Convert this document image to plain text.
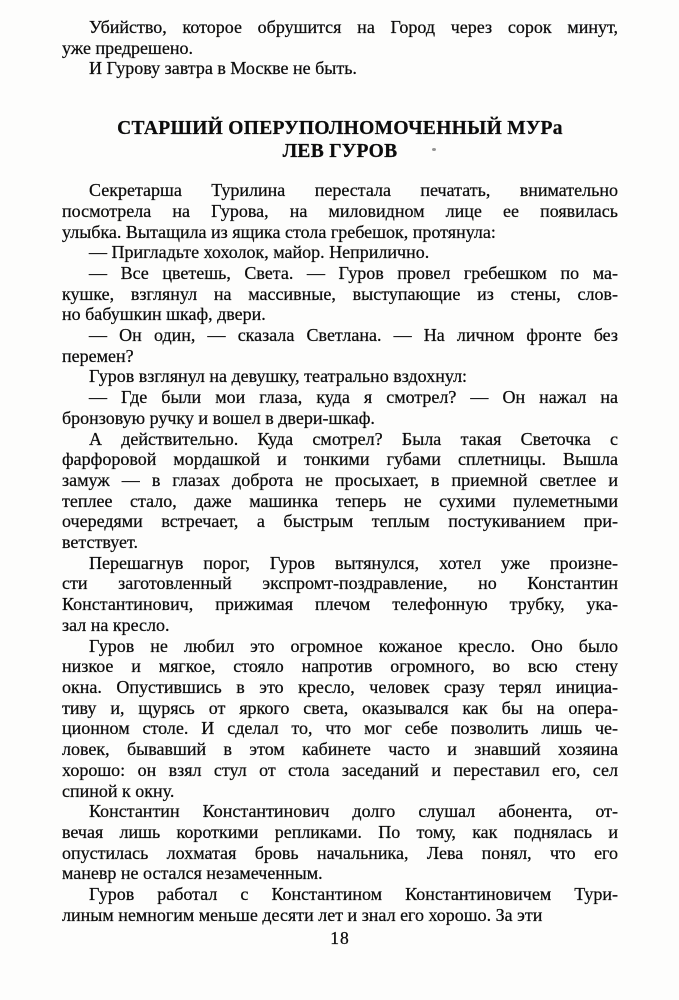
Убийство, которое обрушится на Город через сорок минут,
уже предрешено.
И Гурову завтра в Москве не быть.
СТАРШИЙ ОПЕРУПОЛНОМОЧЕННЫЙ МУРа
ЛЕВ ГУРОВ
Секретарша Турилина перестала печатать, внимательно
посмотрела на Гурова, на миловидном лице ее появилась
улыбка. Вытащила из ящика стола гребешок, протянула:
— Пригладьте хохолок, майор. Неприлично.
— Все цветешь, Света. — Гуров провел гребешком по ма-
кушке, взглянул на массивные, выступающие из стены, слов-
но бабушкин шкаф, двери.
— Он один, — сказала Светлана. — На личном фронте без
перемен?
Гуров взглянул на девушку, театрально вздохнул:
— Где были мои глаза, куда я смотрел? — Он нажал на
бронзовую ручку и вошел в двери-шкаф.
А действительно. Куда смотрел? Была такая Светочка с
фарфоровой мордашкой и тонкими губами сплетницы. Вышла
замуж — в глазах доброта не просыхает, в приемной светлее и
теплее стало, даже машинка теперь не сухими пулеметными
очередями встречает, а быстрым теплым постукиванием при-
ветствует.
Перешагнув порог, Гуров вытянулся, хотел уже произне-
сти заготовленный экспромт-поздравление, но Константин
Константинович, прижимая плечом телефонную трубку, ука-
зал на кресло.
Гуров не любил это огромное кожаное кресло. Оно было
низкое и мягкое, стояло напротив огромного, во всю стену
окна. Опустившись в это кресло, человек сразу терял инициа-
тиву и, щурясь от яркого света, оказывался как бы на опера-
ционном столе. И сделал то, что мог себе позволить лишь че-
ловек, бывавший в этом кабинете часто и знавший хозяина
хорошо: он взял стул от стола заседаний и переставил его, сел
спиной к окну.
Константин Константинович долго слушал абонента, от-
вечая лишь короткими репликами. По тому, как поднялась и
опустилась лохматая бровь начальника, Лева понял, что его
маневр не остался незамеченным.
Гуров работал с Константином Константиновичем Тури-
линым немногим меньше десяти лет и знал его хорошо. За эти
18
